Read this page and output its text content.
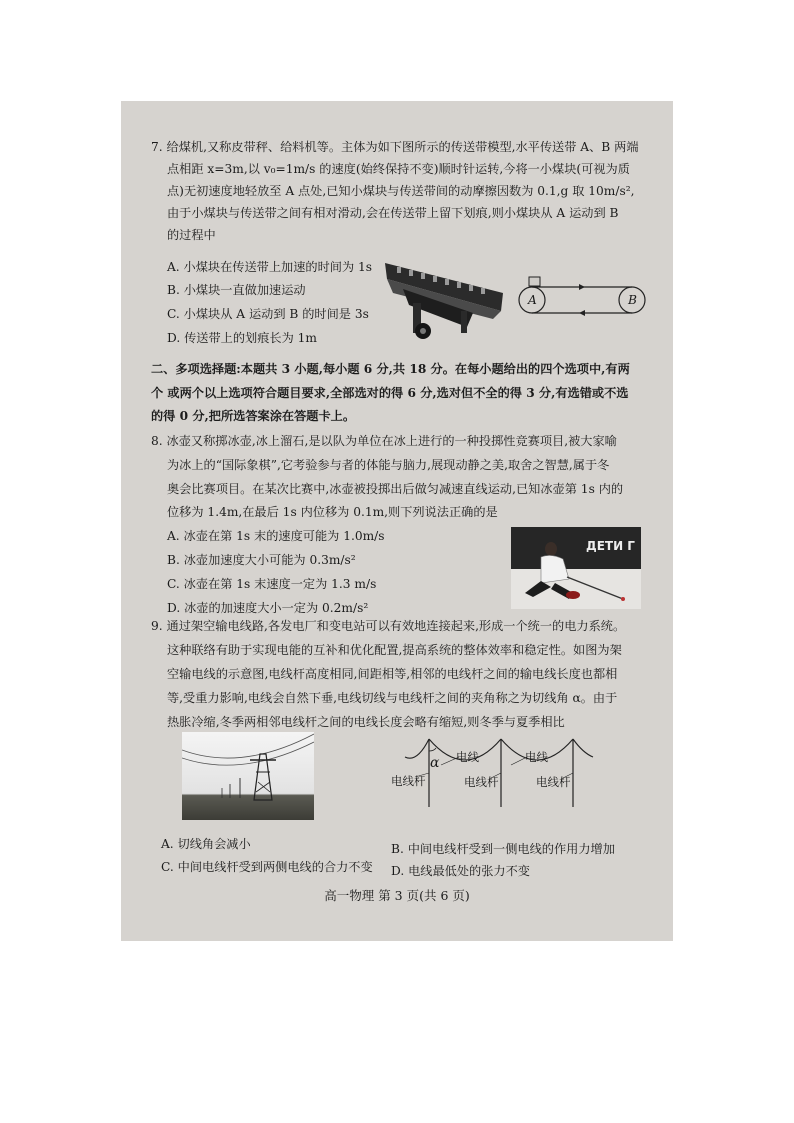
7. 给煤机,又称皮带秤、给料机等。主体为如下图所示的传送带模型,水平传送带 A、B 两端
点相距 x=3m,以 v₀=1m/s 的速度(始终保持不变)顺时针运转,今将一小煤块(可视为质
点)无初速度地轻放至 A 点处,已知小煤块与传送带间的动摩擦因数为 0.1,g 取 10m/s²,
由于小煤块与传送带之间有相对滑动,会在传送带上留下划痕,则小煤块从 A 运动到 B
的过程中
A. 小煤块在传送带上加速的时间为 1s
B. 小煤块一直做加速运动
C. 小煤块从 A 运动到 B 的时间是 3s
D. 传送带上的划痕长为 1m
A	B
二、多项选择题:本题共 3 小题,每小题 6 分,共 18 分。在每小题给出的四个选项中,有两
个 或两个以上选项符合题目要求,全部选对的得 6 分,选对但不全的得 3 分,有选错或不选
的得 0 分,把所选答案涂在答题卡上。
8. 冰壶又称掷冰壶,冰上溜石,是以队为单位在冰上进行的一种投掷性竞赛项目,被大家喻
为冰上的“国际象棋”,它考验参与者的体能与脑力,展现动静之美,取舍之智慧,属于冬
奥会比赛项目。在某次比赛中,冰壶被投掷出后做匀减速直线运动,已知冰壶第 1s 内的
位移为 1.4m,在最后 1s 内位移为 0.1m,则下列说法正确的是
A. 冰壶在第 1s 末的速度可能为 1.0m/s
B. 冰壶加速度大小可能为 0.3m/s²
C. 冰壶在第 1s 末速度一定为 1.3 m/s
D. 冰壶的加速度大小一定为 0.2m/s²
ДЕТИ Г
9. 通过架空输电线路,各发电厂和变电站可以有效地连接起来,形成一个统一的电力系统。
这种联络有助于实现电能的互补和优化配置,提高系统的整体效率和稳定性。如图为架
空输电线的示意图,电线杆高度相同,间距相等,相邻的电线杆之间的输电线长度也都相
等,受重力影响,电线会自然下垂,电线切线与电线杆之间的夹角称之为切线角 α。由于
热胀冷缩,冬季两相邻电线杆之间的电线长度会略有缩短,则冬季与夏季相比
α 电线	电线
电线杆	电线杆	电线杆
A. 切线角会减小	B. 中间电线杆受到一侧电线的作用力增加
C. 中间电线杆受到两侧电线的合力不变 D. 电线最低处的张力不变
高一物理 第 3 页(共 6 页)
